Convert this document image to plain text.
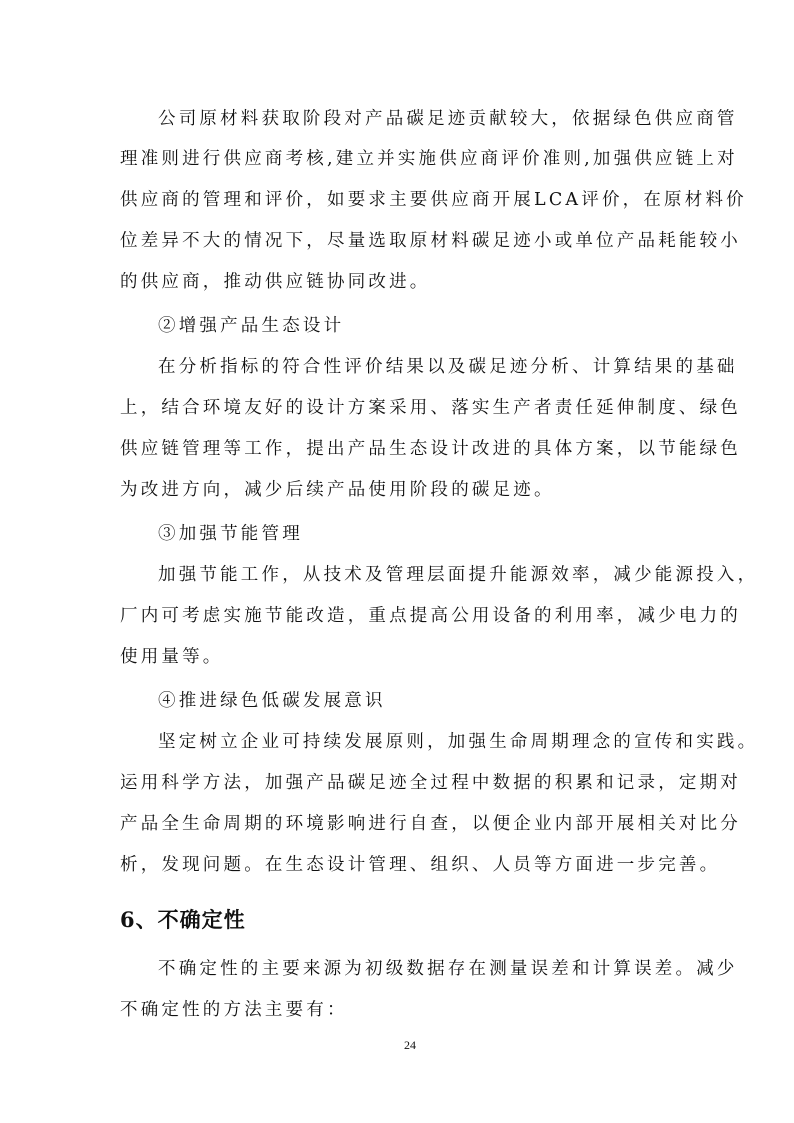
公司原材料获取阶段对产品碳足迹贡献较大，依据绿色供应商管
理准则进行供应商考核,建立并实施供应商评价准则,加强供应链上对
供应商的管理和评价，如要求主要供应商开展LCA评价，在原材料价
位差异不大的情况下，尽量选取原材料碳足迹小或单位产品耗能较小
的供应商，推动供应链协同改进。
②增强产品生态设计
在分析指标的符合性评价结果以及碳足迹分析、计算结果的基础
上，结合环境友好的设计方案采用、落实生产者责任延伸制度、绿色
供应链管理等工作，提出产品生态设计改进的具体方案，以节能绿色
为改进方向，减少后续产品使用阶段的碳足迹。
③加强节能管理
加强节能工作，从技术及管理层面提升能源效率，减少能源投入，
厂内可考虑实施节能改造，重点提高公用设备的利用率，减少电力的
使用量等。
④推进绿色低碳发展意识
坚定树立企业可持续发展原则，加强生命周期理念的宣传和实践。
运用科学方法，加强产品碳足迹全过程中数据的积累和记录，定期对
产品全生命周期的环境影响进行自查，以便企业内部开展相关对比分
析，发现问题。在生态设计管理、组织、人员等方面进一步完善。
6、不确定性
不确定性的主要来源为初级数据存在测量误差和计算误差。减少
不确定性的方法主要有：
24
